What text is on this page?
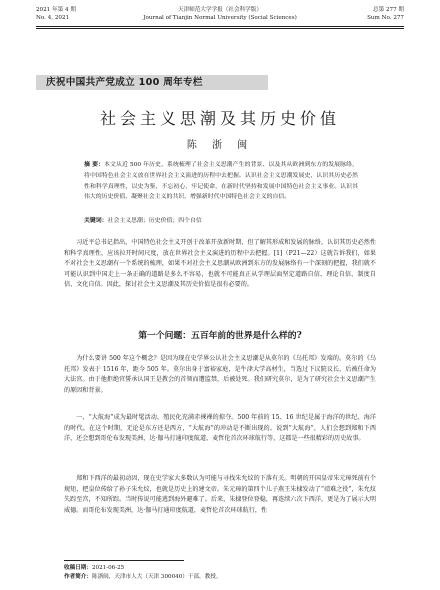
2021 年第 4 期
No. 4, 2021
天津师范大学学报（社会科学版）
Journal of Tianjin Normal University (Social Sciences)
总第 277 期
Sum No. 277
庆祝中国共产党成立 100 周年专栏
社会主义思潮及其历史价值
陈 浙 闽
摘 要：本文从近 500 年历史、系统梳理了社会主义思潮产生的背景、以及其从欧洲到东方的发展脉络，将中国特色社会主义放在世界社会主义演进的历程中去把握。认识社会主义思潮发展史，认识其历史必然性和科学真理性，以史为鉴，不忘初心，牢记使命，在新时代坚持和发展中国特色社会主义事业。认识其伟大的历史价值，凝聚社会主义的共识，增强新时代中国特色社会主义的自信。
关键词：社会主义思潮；历史价值；四个自信
习近平总书记指出，中国特色社会主义开创于改革开放新时期，但了解其形成和发展的脉络，认识其历史必然性和科学真理性，应该拉开时间尺度，放在世界社会主义演进的历程中去把握。[1]（P21—22）这就告诉我们，如果不对社会主义思潮有一个系统的梳理，如果不对社会主义思潮从欧洲到东方的发展脉络有一个深刻的把握，我们就不可能认识到中国走上一条正确的道路是多么不容易，也就不可能真正从学理层面坚定道路自信、理论自信、制度自信、文化自信。因此，探讨社会主义思潮及其历史价值是很有必要的。
第一个问题：五百年前的世界是什么样的?
为什么要讲 500 年这个概念？是因为现在史学界公认社会主义思潮是从莫尔的《乌托邦》发端的。莫尔的《乌托邦》发表于 1516 年，距今 505 年。莫尔出身于富裕家庭，是牛津大学高材生，当选过下议院议长，后被任命为大法官。由于他拒绝官誓承认国王是教会的首领而遭监禁，后被处死。我们研究莫尔，是为了研究社会主义思潮产生的原因和背景。
一、“大航海”成为最时髦活动，殖民化充满赤裸裸的掠夺。500 年前的 15、16 世纪是属于海洋的世纪、海洋的时代。在这个时期，无论是东方还是西方，“大航海”的冲动是不断出现的。说到“大航海”，人们会想到郑和下西洋，还会想到哥伦布发现美洲、达·伽马打通印度航道、麦哲伦首次环球航行等，这都是一些很精彩的历史故事。
郑和下西洋的最初动因，现在史学家大多数认为可能与寻找朱允炆的下落有关。明朝的开国皇帝朱元璋死前有个规矩，把皇位传给了孙子朱允炆，也就是历史上的建文帝。朱元璋的第四个儿子燕王朱棣发动了“靖难之役”，朱允炆失踪至宫，不知所踪。当时传说可能逃到海外避难了。后来，朱棣登位登稳，再连续六次下西洋，更是为了展示大明威德。而哥伦布发现美洲，达·伽马打通印度航道，麦哲伦首次环球航行，性
收稿日期：2021-06-25
作者简介：陈浙闽，天津市人大（天津 300040）干部，教授。
